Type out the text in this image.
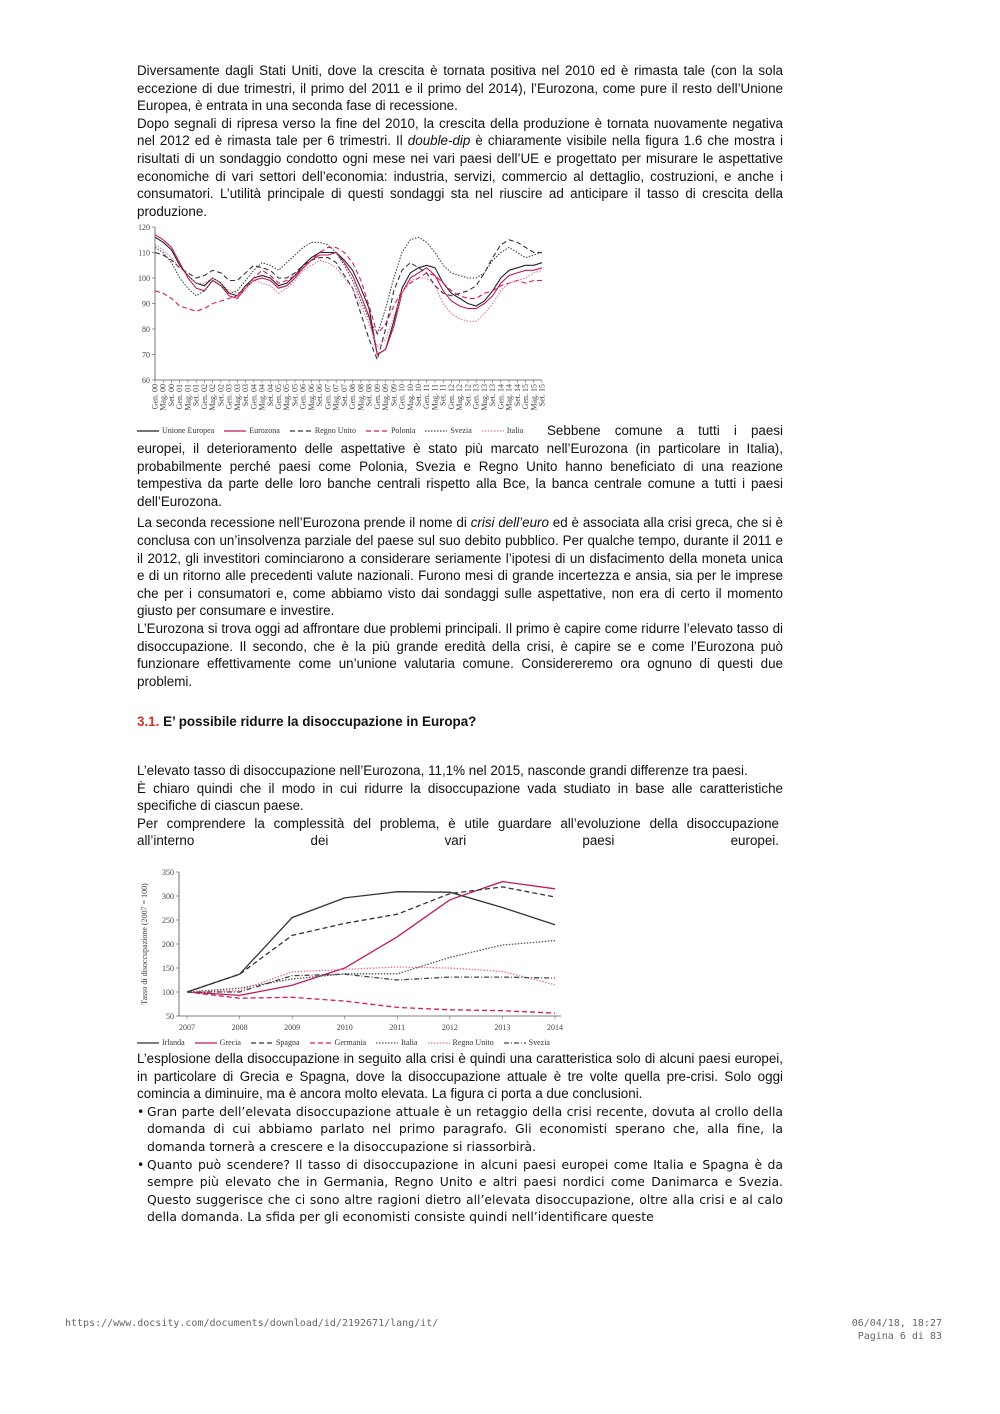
Diversamente dagli Stati Uniti, dove la crescita è tornata positiva nel 2010 ed è rimasta tale (con la sola eccezione di due trimestri, il primo del 2011 e il primo del 2014), l’Eurozona, come pure il resto dell’Unione Europea, è entrata in una seconda fase di recessione.

Dopo segnali di ripresa verso la fine del 2010, la crescita della produzione è tornata nuovamente negativa nel 2012 ed è rimasta tale per 6 trimestri. Il double-dip è chiaramente visibile nella figura 1.6 che mostra i risultati di un sondaggio condotto ogni mese nei vari paesi dell’UE e progettato per misurare le aspettative economiche di vari settori dell’economia: industria, servizi, commercio al dettaglio, costruzioni, e anche i consumatori. L’utilità principale di questi sondaggi sta nel riuscire ad anticipare il tasso di crescita della produzione.

120
110
100
90
80
70
60
Gen. 00 Mag. 00 Set. 00 Gen. 01 Mag. 01 Set. 01 Gen. 02 Mag. 02 Set. 02 Gen. 03 Mag. 03 Set. 03 Gen. 04 Mag. 04 Set. 04 Gen. 05 Mag. 05 Set. 05 Gen. 06 Mag. 06 Set. 06 Gen. 07 Mag. 07 Set. 07 Gen. 08 Mag. 08 Set. 08 Gen. 09 Mag. 09 Set. 09 Gen. 10 Mag. 10 Set. 10 Gen. 11 Mag. 11 Set. 11 Gen. 12 Mag. 12 Set. 12 Gen. 13 Mag. 13 Set. 13 Gen. 14 Mag. 14 Set. 14 Gen. 15 Mag. 15 Set. 15
Unione Europea	Eurozona	Regno Unito	Polonia	Svezia	Italia Sebbene comune a tutti i paesi

europei, il deterioramento delle aspettative è stato più marcato nell’Eurozona (in particolare in Italia), probabilmente perché paesi come Polonia, Svezia e Regno Unito hanno beneficiato di una reazione tempestiva da parte delle loro banche centrali rispetto alla Bce, la banca centrale comune a tutti i paesi dell’Eurozona.

La seconda recessione nell’Eurozona prende il nome di crisi dell’euro ed è associata alla crisi greca, che si è conclusa con un’insolvenza parziale del paese sul suo debito pubblico. Per qualche tempo, durante il 2011 e il 2012, gli investitori cominciarono a considerare seriamente l’ipotesi di un disfacimento della moneta unica e di un ritorno alle precedenti valute nazionali. Furono mesi di grande incertezza e ansia, sia per le imprese che per i consumatori e, come abbiamo visto dai sondaggi sulle aspettative, non era di certo il momento giusto per consumare e investire.

L’Eurozona si trova oggi ad affrontare due problemi principali. Il primo è capire come ridurre l’elevato tasso di disoccupazione. Il secondo, che è la più grande eredità della crisi, è capire se e come l’Eurozona può funzionare effettivamente come un’unione valutaria comune. Considereremo ora ognuno di questi due problemi.

3.1. E’ possibile ridurre la disoccupazione in Europa?

L’elevato tasso di disoccupazione nell’Eurozona, 11,1% nel 2015, nasconde grandi differenze tra paesi.

È chiaro quindi che il modo in cui ridurre la disoccupazione vada studiato in base alle caratteristiche specifiche di ciascun paese.

Per comprendere la complessità del problema, è utile guardare all’evoluzione della disoccupazione all’interno dei vari paesi europei.

350
300
250
200
150
100
50
Tasso di disoccupazione (2007 = 100)
2007	2008	2009	2010	2011	2012	2013	2014
Irlanda	Grecia	Spagna	Germania	Italia	Regno Unito	Svezia

L’esplosione della disoccupazione in seguito alla crisi è quindi una caratteristica solo di alcuni paesi europei, in particolare di Grecia e Spagna, dove la disoccupazione attuale è tre volte quella pre-crisi. Solo oggi comincia a diminuire, ma è ancora molto elevata. La figura ci porta a due conclusioni.

• Gran parte dell’elevata disoccupazione attuale è un retaggio della crisi recente, dovuta al crollo della domanda di cui abbiamo parlato nel primo paragrafo. Gli economisti sperano che, alla fine, la domanda tornerà a crescere e la disoccupazione si riassorbirà.
• Quanto può scendere? Il tasso di disoccupazione in alcuni paesi europei come Italia e Spagna è da sempre più elevato che in Germania, Regno Unito e altri paesi nordici come Danimarca e Svezia. Questo suggerisce che ci sono altre ragioni dietro all’elevata disoccupazione, oltre alla crisi e al calo della domanda. La sfida per gli economisti consiste quindi nell’identificare queste
https://www.docsity.com/documents/download/id/2192671/lang/it/	06/04/18, 18:27
Pagina 6 di 83
